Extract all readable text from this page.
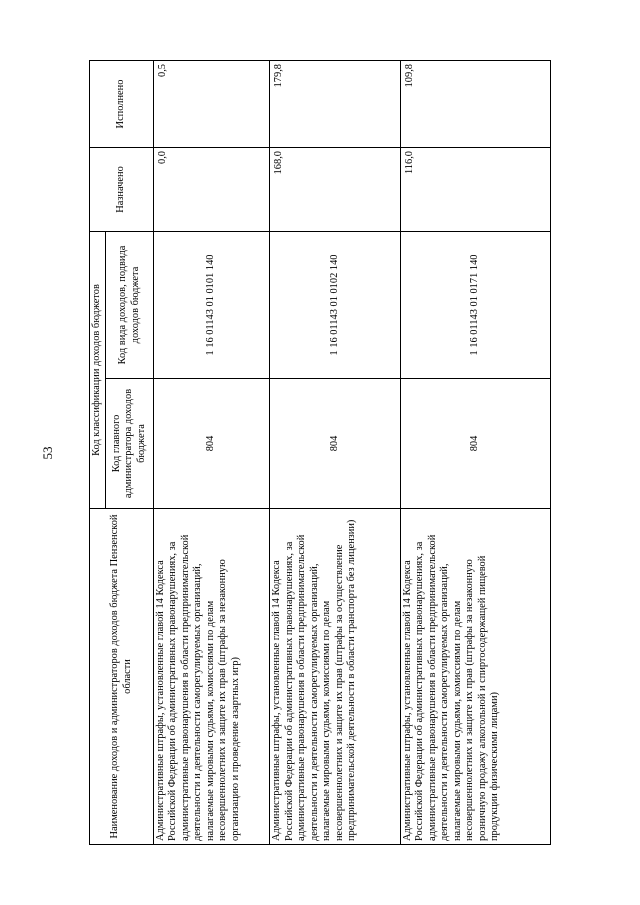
53
Наименование доходов и администраторов доходов бюджета Пензенской области	Код классификации доходов бюджетов		Назначено	Исполнено
	Код главного администратора доходов бюджета	Код вида доходов, подвида доходов бюджета		
Административные штрафы, установленные главой 14 Кодекса Российской Федерации об административных правонарушениях, за административные правонарушения в области предпринимательской деятельности и деятельности саморегулируемых организаций, налагаемые мировыми судьями, комиссиями по делам несовершеннолетних и защите их прав (штрафы за незаконную организацию и проведение азартных игр)	804	1 16 01143 01 0101 140	0,0	0,5
Административные штрафы, установленные главой 14 Кодекса Российской Федерации об административных правонарушениях, за административные правонарушения в области предпринимательской деятельности и деятельности саморегулируемых организаций, налагаемые мировыми судьями, комиссиями по делам несовершеннолетних и защите их прав (штрафы за осуществление предпринимательской деятельности в области транспорта без лицензии)	804	1 16 01143 01 0102 140	168,0	179,8
Административные штрафы, установленные главой 14 Кодекса Российской Федерации об административных правонарушениях, за административные правонарушения в области предпринимательской деятельности и деятельности саморегулируемых организаций, налагаемые мировыми судьями, комиссиями по делам несовершеннолетних и защите их прав (штрафы за незаконную розничную продажу алкогольной и спиртосодержащей пищевой продукции физическими лицами)	804	1 16 01143 01 0171 140	116,0	109,8
